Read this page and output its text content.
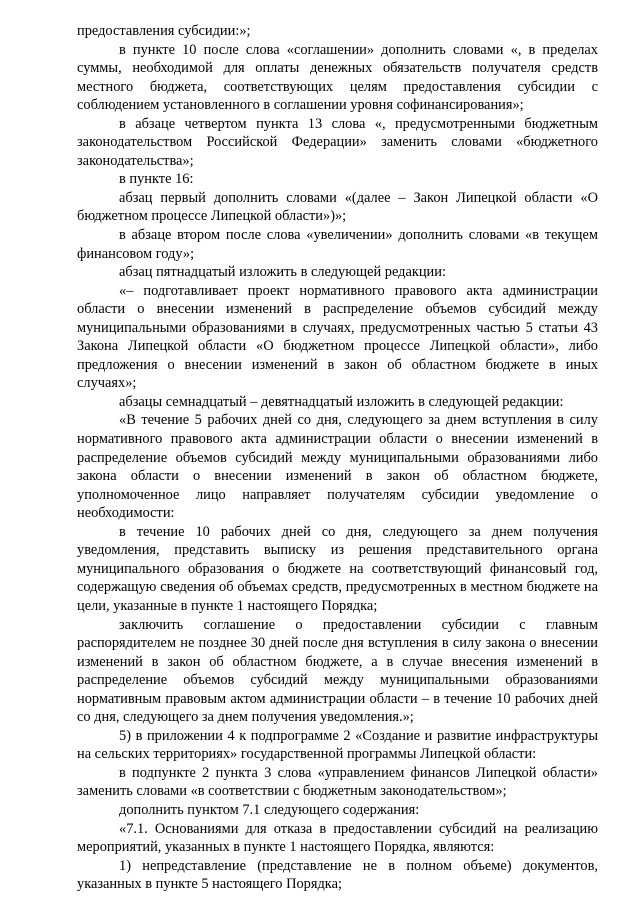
предоставления субсидии:»;

в пункте 10 после слова «соглашении» дополнить словами «, в пределах суммы, необходимой для оплаты денежных обязательств получателя средств местного бюджета, соответствующих целям предоставления субсидии с соблюдением установленного в соглашении уровня софинансирования»;

в абзаце четвертом пункта 13 слова «, предусмотренными бюджетным законодательством Российской Федерации» заменить словами «бюджетного законодательства»;

в пункте 16:

абзац первый дополнить словами «(далее – Закон Липецкой области «О бюджетном процессе Липецкой области»)»;

в абзаце втором после слова «увеличении» дополнить словами «в текущем финансовом году»;

абзац пятнадцатый изложить в следующей редакции:

«– подготавливает проект нормативного правового акта администрации области о внесении изменений в распределение объемов субсидий между муниципальными образованиями в случаях, предусмотренных частью 5 статьи 43 Закона Липецкой области «О бюджетном процессе Липецкой области», либо предложения о внесении изменений в закон об областном бюджете в иных случаях»;

абзацы семнадцатый – девятнадцатый изложить в следующей редакции:

«В течение 5 рабочих дней со дня, следующего за днем вступления в силу нормативного правового акта администрации области о внесении изменений в распределение объемов субсидий между муниципальными образованиями либо закона области о внесении изменений в закон об областном бюджете, уполномоченное лицо направляет получателям субсидии уведомление о необходимости:

в течение 10 рабочих дней со дня, следующего за днем получения уведомления, представить выписку из решения представительного органа муниципального образования о бюджете на соответствующий финансовый год, содержащую сведения об объемах средств, предусмотренных в местном бюджете на цели, указанные в пункте 1 настоящего Порядка;

заключить соглашение о предоставлении субсидии с главным распорядителем не позднее 30 дней после дня вступления в силу закона о внесении изменений в закон об областном бюджете, а в случае внесения изменений в распределение объемов субсидий между муниципальными образованиями нормативным правовым актом администрации области – в течение 10 рабочих дней со дня, следующего за днем получения уведомления.»;

5) в приложении 4 к подпрограмме 2 «Создание и развитие инфраструктуры на сельских территориях» государственной программы Липецкой области:

в подпункте 2 пункта 3 слова «управлением финансов Липецкой области» заменить словами «в соответствии с бюджетным законодательством»;

дополнить пунктом 7.1 следующего содержания:

«7.1. Основаниями для отказа в предоставлении субсидий на реализацию мероприятий, указанных в пункте 1 настоящего Порядка, являются:

1) непредставление (представление не в полном объеме) документов, указанных в пункте 5 настоящего Порядка;
